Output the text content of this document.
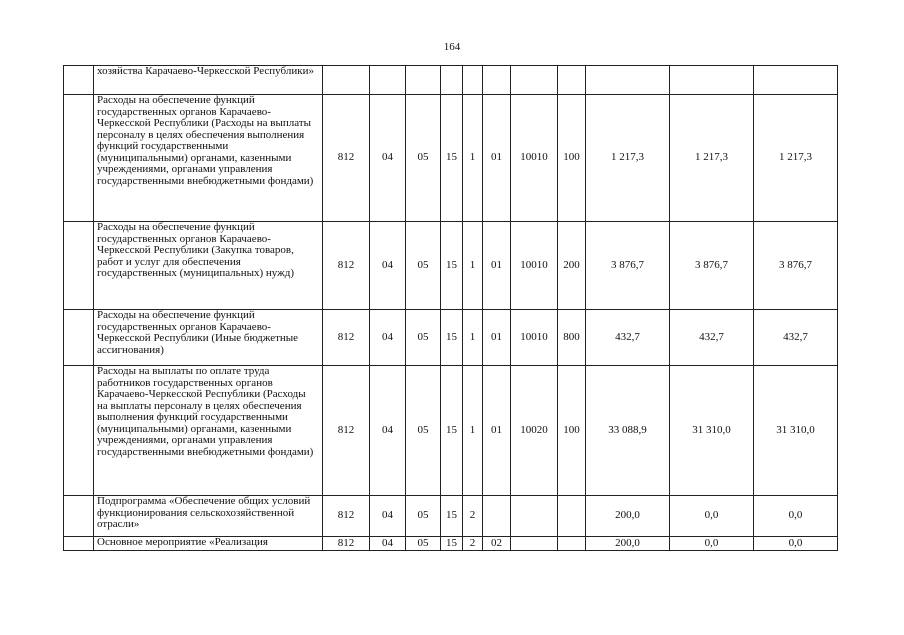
164
	хозяйства Карачаево-Черкесской Республики»											
	Расходы на обеспечение функций государственных органов Карачаево-Черкесской Республики (Расходы на выплаты персоналу в целях обеспечения выполнения функций государственными (муниципальными) органами, казенными учреждениями, органами управления государственными внебюджетными фондами)	812	04	05	15	1	01	10010	100	1 217,3	1 217,3	1 217,3
	Расходы на обеспечение функций государственных органов Карачаево-Черкесской Республики (Закупка товаров, работ и услуг для обеспечения государственных (муниципальных) нужд)	812	04	05	15	1	01	10010	200	3 876,7	3 876,7	3 876,7
	Расходы на обеспечение функций государственных органов Карачаево-Черкесской Республики (Иные бюджетные ассигнования)	812	04	05	15	1	01	10010	800	432,7	432,7	432,7
	Расходы на выплаты по оплате труда работников государственных органов Карачаево-Черкесской Республики (Расходы на выплаты персоналу в целях обеспечения выполнения функций государственными (муниципальными) органами, казенными учреждениями, органами управления государственными внебюджетными фондами)	812	04	05	15	1	01	10020	100	33 088,9	31 310,0	31 310,0
	Подпрограмма «Обеспечение общих условий функционирования сельскохозяйственной отрасли»	812	04	05	15	2				200,0	0,0	0,0
	Основное мероприятие «Реализация	812	04	05	15	2	02			200,0	0,0	0,0
